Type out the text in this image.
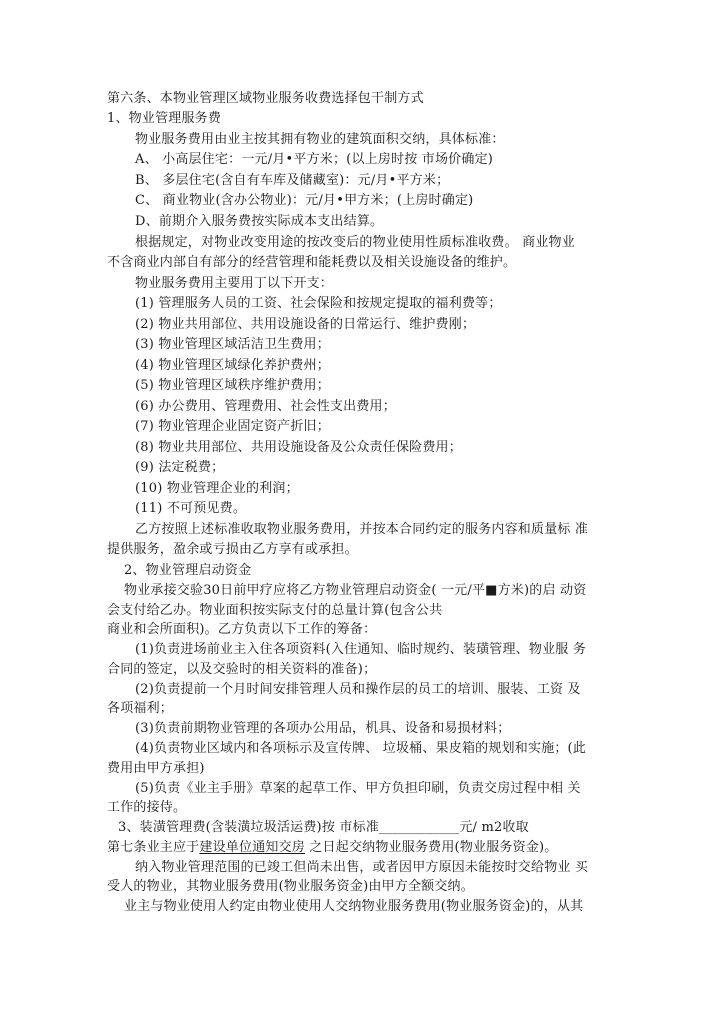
第六条、本物业管理区域物业服务收费选择包干制方式
1、物业管理服务费
物业服务费用由业主按其拥有物业的建筑面积交纳，具体标准：
A、 小高层住宅：一元/月•平方米；(以上房时按 市场价确定)
B、 多层住宅(含自有车库及储藏室)：元/月•平方米；
C、 商业物业(含办公物业)：元/月•甲方米；(上房时确定)
D、前期介入服务费按实际成本支出结算。
根据规定，对物业改变用途的按改变后的物业使用性质标准收费。 商业物业
不含商业内部自有部分的经营管理和能耗费以及相关设施设备的维护。
物业服务费用主要用丁以下开支：
(1) 管理服务人员的工资、社会保险和按规定提取的福利费等；
(2) 物业共用部位、共用设施设备的日常运行、维护费刚；
(3) 物业管理区域活洁卫生费用；
(4) 物业管理区域绿化养护费州；
(5) 物业管理区域秩序维护费用；
(6) 办公费用、管理费用、社会性支出费用；
(7) 物业管理企业固定资产折旧；
(8) 物业共用部位、共用设施设备及公众责任保险费用；
(9) 法定税费；
(10) 物业管理企业的利润；
(11) 不可预见费。
乙方按照上述标准收取物业服务费用，并按本合同约定的服务内容和质量标 准
提供服务，盈余或亏损由乙方享有或承担。
2、物业管理启动资金
物业承接交验30日前甲疗应将乙方物业管理启动资金( 一元/平■方米)的启 动资
会支付给乙办。物业面积按实际支付的总量计算(包含公共
商业和会所面积)。乙方负责以下工作的筹备：
(1)负责进场前业主入住各项资料(入住通知、临时规约、装璜管理、物业服 务
合同的签定，以及交验时的相关资料的准备)；
(2)负责提前一个月时间安排管理人员和操作层的员工的培训、服装、工资 及
各项福利；
(3)负责前期物业管理的各项办公用品，机具、设备和易损材料；
(4)负责物业区域内和各项标示及宣传牌、 垃圾桶、果皮箱的规划和实施；(此
费用由甲方承担)
(5)负责《业主手册》草案的起草工作、甲方负担印刷，负责交房过程中相 关
工作的接侍。
3、装潢管理费(含装潢垃圾活运费)按 市标准____________元/ m2收取
第七条业主应于建设单位通知交房 之日起交纳物业服务费用(物业服务资金)。
纳入物业管理范围的已竣工但尚未出售，或者因甲方原因未能按时交给物业 买
受人的物业，其物业服务费用(物业服务资金)由甲方全额交纳。
业主与物业使用人约定由物业使用人交纳物业服务费用(物业服务资金)的，从其
